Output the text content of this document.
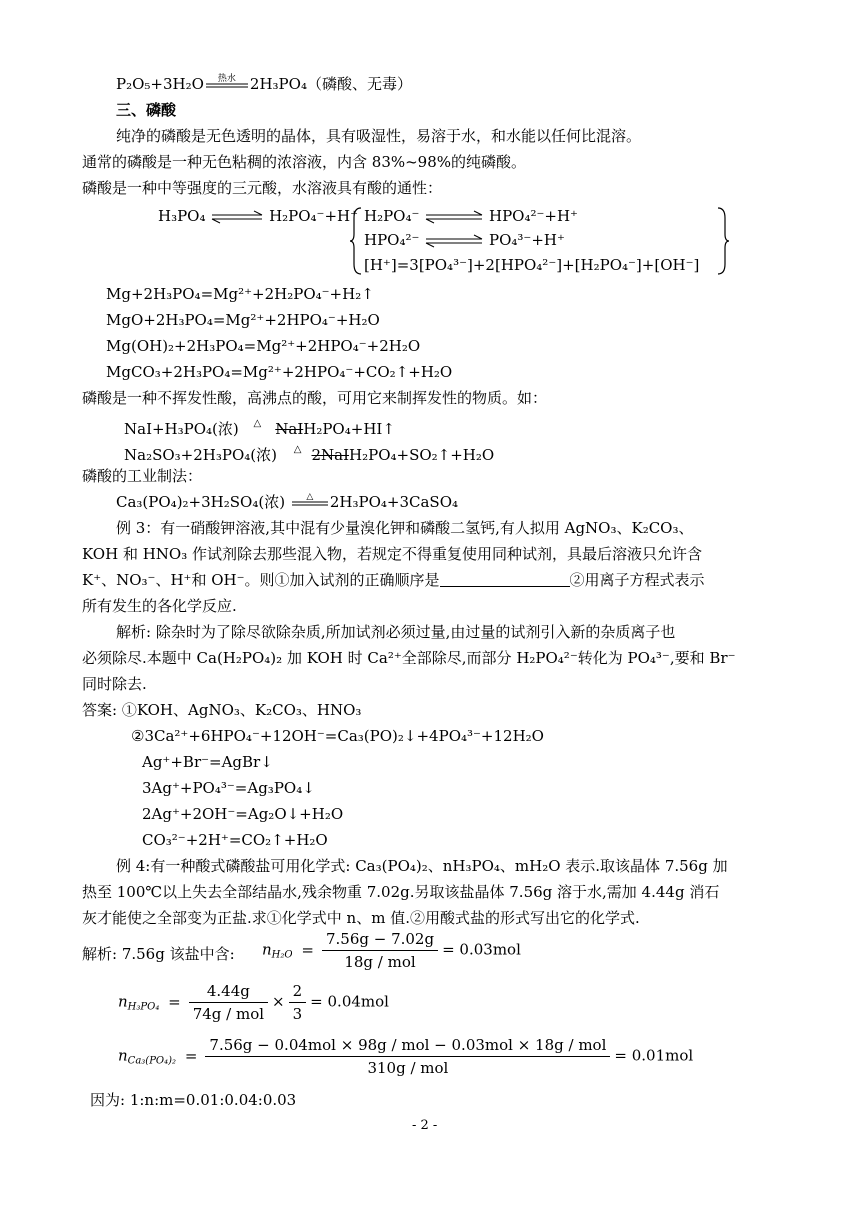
P₂O₅+3H₂O	热水 2H₃PO₄（磷酸、无毒）
三、磷酸
纯净的磷酸是无色透明的晶体，具有吸湿性，易溶于水，和水能以任何比混溶。
通常的磷酸是一种无色粘稠的浓溶液，内含 83%~98%的纯磷酸。
磷酸是一种中等强度的三元酸，水溶液具有酸的通性：
H₃PO₄ ⇌ H₂PO₄⁻+H⁺ H₂PO₄⁻ ⇌ HPO₄²⁻+H⁺
HPO₄²⁻ ⇌ PO₄³⁻+H⁺
[H⁺]=3[PO₄³⁻]+2[HPO₄²⁻]+[H₂PO₄⁻]+[OH⁻]
Mg+2H₃PO₄=Mg²⁺+2H₂PO₄⁻+H₂↑
MgO+2H₃PO₄=Mg²⁺+2HPO₄⁻+H₂O
Mg(OH)₂+2H₃PO₄=Mg²⁺+2HPO₄⁻+2H₂O
MgCO₃+2H₃PO₄=Mg²⁺+2HPO₄⁻+CO₂↑+H₂O
磷酸是一种不挥发性酸，高沸点的酸，可用它来制挥发性的物质。如：
NaI+H₃PO₄(浓) △ NaIH₂PO₄+HI↑
Na₂SO₃+2H₃PO₄(浓) △ 2NaIH₂PO₄+SO₂↑+H₂O
磷酸的工业制法：
Ca₃(PO₄)₂+3H₂SO₄(浓)	△	2H₃PO₄+3CaSO₄
例 3：有一硝酸钾溶液,其中混有少量溴化钾和磷酸二氢钙,有人拟用 AgNO₃、K₂CO₃、
KOH 和 HNO₃ 作试剂除去那些混入物，若规定不得重复使用同种试剂，具最后溶液只允许含
K⁺、NO₃⁻、H⁺和 OH⁻。则①加入试剂的正确顺序是	②用离子方程式表示
所有发生的各化学反应.
解析: 除杂时为了除尽欲除杂质,所加试剂必须过量,由过量的试剂引入新的杂质离子也
必须除尽.本题中 Ca(H₂PO₄)₂ 加 KOH 时 Ca²⁺全部除尽,而部分 H₂PO₄²⁻转化为 PO₄³⁻,要和 Br⁻
同时除去.
答案: ①KOH、AgNO₃、K₂CO₃、HNO₃
②3Ca²⁺+6HPO₄⁻+12OH⁻=Ca₃(PO)₂↓+4PO₄³⁻+12H₂O
Ag⁺+Br⁻=AgBr↓
3Ag⁺+PO₄³⁻=Ag₃PO₄↓
2Ag⁺+2OH⁻=Ag₂O↓+H₂O
CO₃²⁻+2H⁺=CO₂↑+H₂O
例 4:有一种酸式磷酸盐可用化学式: Ca₃(PO₄)₂、nH₃PO₄、mH₂O 表示.取该晶体 7.56g 加
热至 100℃以上失去全部结晶水,残余物重 7.02g.另取该盐晶体 7.56g 溶于水,需加 4.44g 消石
灰才能使之全部变为正盐.求①化学式中 n、m 值.②用酸式盐的形式写出它的化学式.
解析: 7.56g 该盐中含: $n_{H_2O} = \frac{7.56g - 7.02g}{\text{18g / mol}} = 0.03mol$
$n_{H_3PO_4} = \frac{4.44g}{\text{74g / mol}} \times \frac{2}{3} = 0.04mol$
$n_{Ca_3(PO_4)_2} = \frac{\text{7.56g − 0.04mol × 98g / mol − 0.03mol × 18g / mol}}{\text{310g / mol}} = 0.01mol$
因为: 1:n:m=0.01:0.04:0.03
- 2 -
